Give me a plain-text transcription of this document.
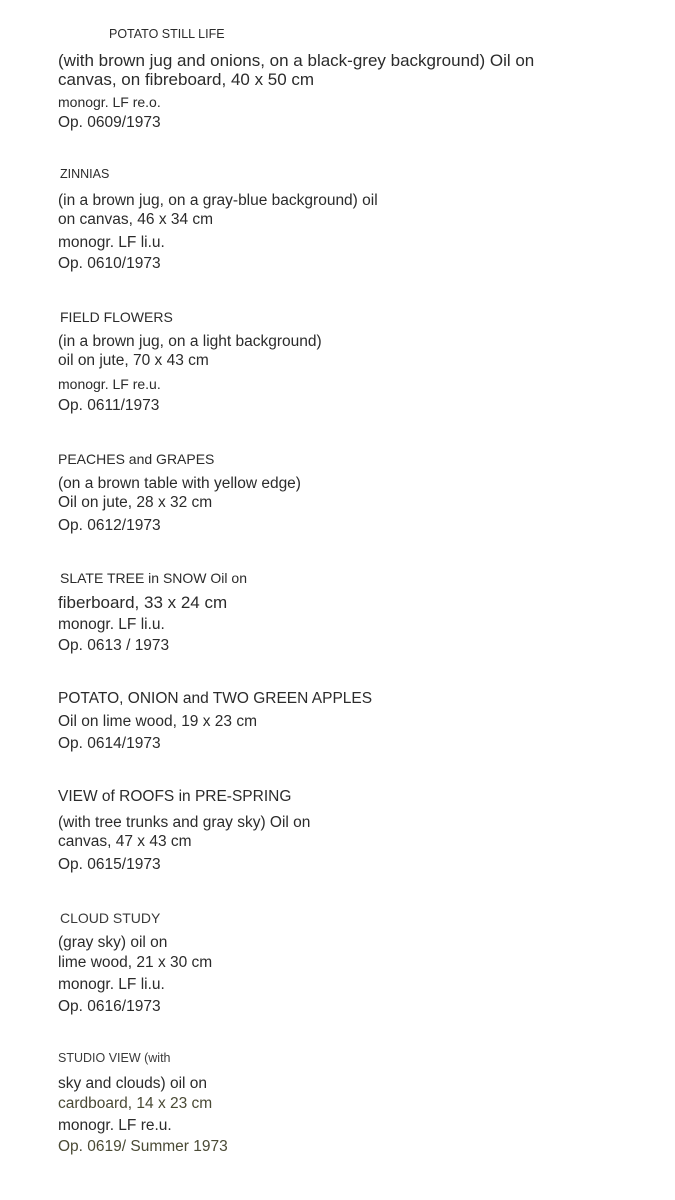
POTATO STILL LIFE
(with brown jug and onions, on a black-grey background) Oil on
canvas, on fibreboard, 40 x 50 cm
monogr. LF re.o.
Op. 0609/1973
ZINNIAS
(in a brown jug, on a gray-blue background) oil
on canvas, 46 x 34 cm
monogr. LF li.u.
Op. 0610/1973
FIELD FLOWERS
(in a brown jug, on a light background)
oil on jute, 70 x 43 cm
monogr. LF re.u.
Op. 0611/1973
PEACHES and GRAPES
(on a brown table with yellow edge)
Oil on jute, 28 x 32 cm
Op. 0612/1973
SLATE TREE in SNOW Oil on
fiberboard, 33 x 24 cm
monogr. LF li.u.
Op. 0613 / 1973
POTATO, ONION and TWO GREEN APPLES
Oil on lime wood, 19 x 23 cm
Op. 0614/1973
VIEW of ROOFS in PRE-SPRING
(with tree trunks and gray sky) Oil on
canvas, 47 x 43 cm
Op. 0615/1973
CLOUD STUDY
(gray sky) oil on
lime wood, 21 x 30 cm
monogr. LF li.u.
Op. 0616/1973
STUDIO VIEW (with
sky and clouds) oil on
cardboard, 14 x 23 cm
monogr. LF re.u.
Op. 0619/ Summer 1973
